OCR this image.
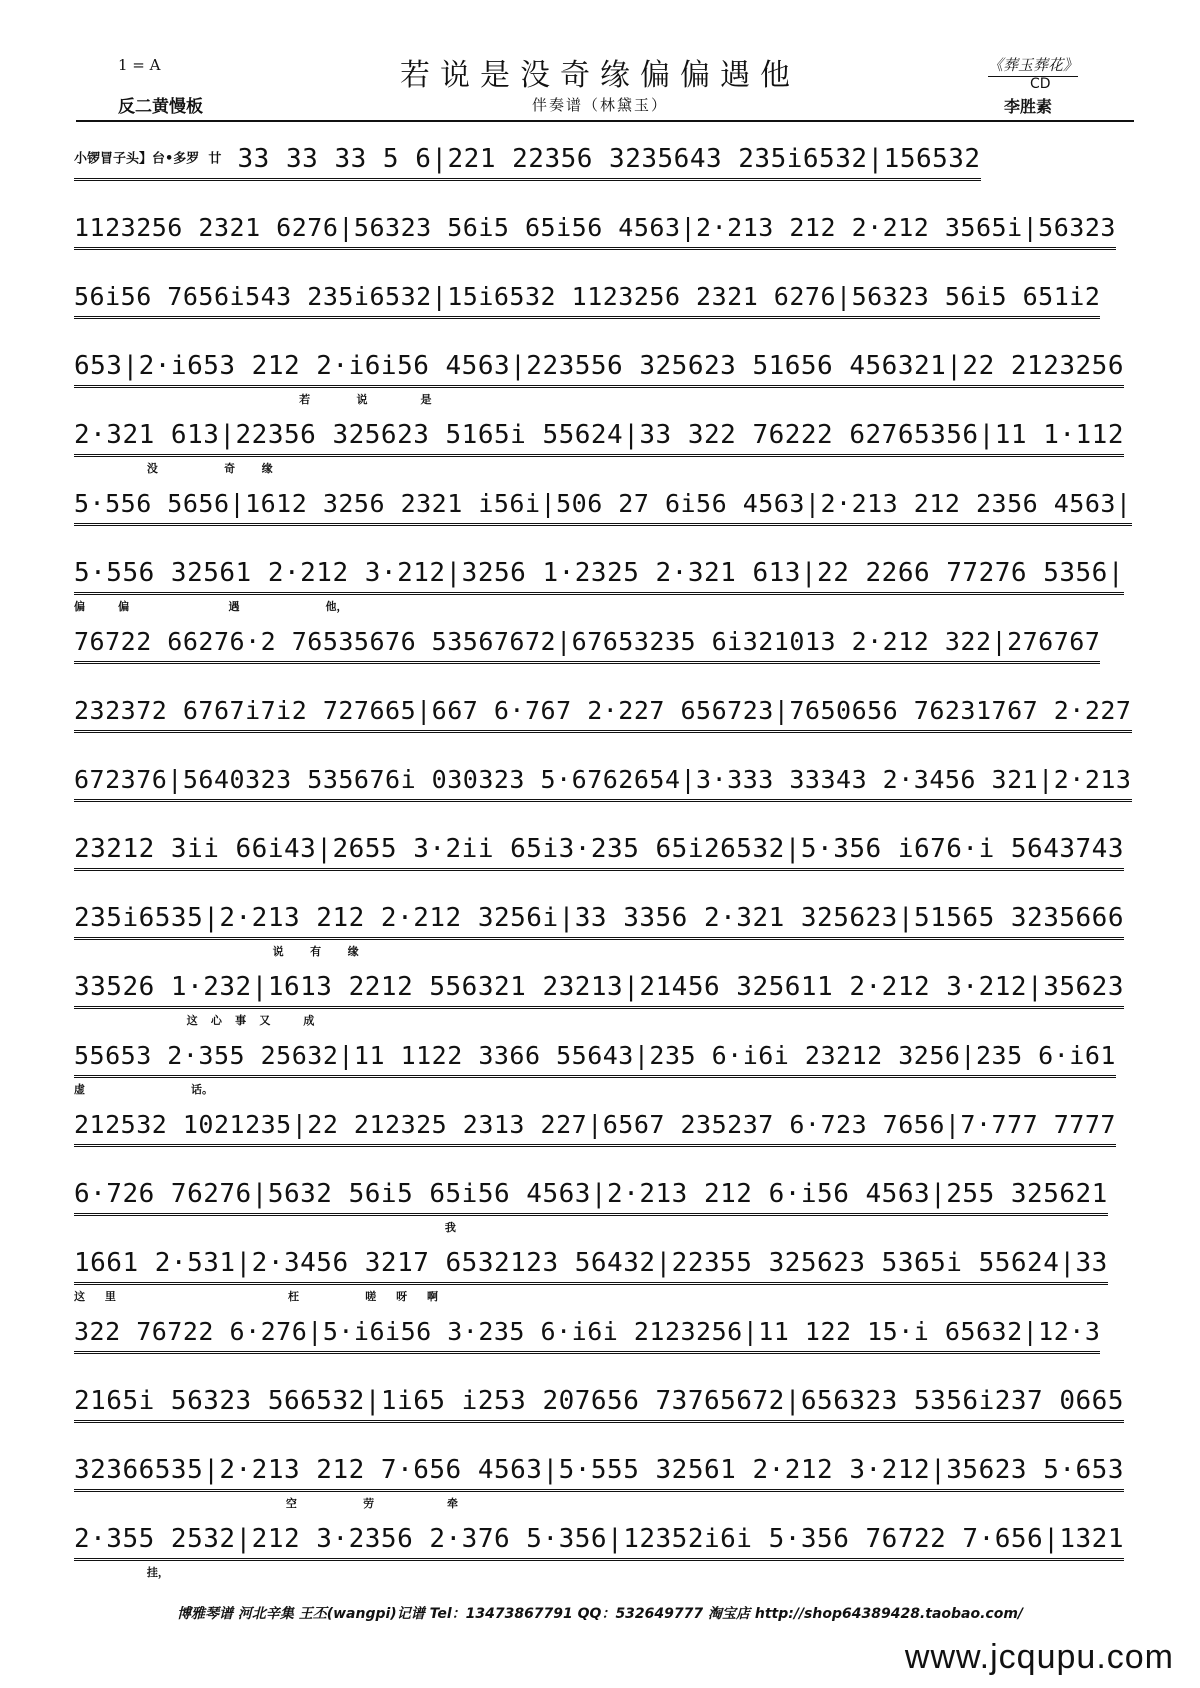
1 = A
反二黄慢板
若说是没奇缘偏偏遇他
伴奏谱（林黛玉）
《葬玉葬花》
CD
李胜素
小锣冒子头】台•多罗  廿 33 33 33 5 6|221 22356 3235643 235i6532|156532
1123256 2321 6276|56323 56i5 65i56 4563|2·213 212 2·212 3565i|56323
56i56 7656i543 235i6532|15i6532 1123256 2321 6276|56323 56i5 651i2
653|2·i653 212 2·i6i56 4563|223556 325623 51656 456321|22 2123256
若       说        是
2·321 613|22356 325623 5165i 55624|33 322 76222 62765356|11 1·112
没          奇    缘
5·556 5656|1612 3256 2321 i56i|506 27 6i56 4563|2·213 212 2356 4563|
5·556 32561 2·212 3·212|3256 1·2325 2·321 613|22 2266 77276 5356|
偏     偏               遇             他，
76722 66276·2 76535676 53567672|67653235 6i321013 2·212 322|276767
232372 6767i7i2 727665|667 6·767 2·227 656723|7650656 76231767 2·227
672376|5640323 535676i 030323 5·6762654|3·333 33343 2·3456 321|2·213
23212 3ii 66i43|2655 3·2ii 65i3·235 65i26532|5·356 i676·i 5643743
235i6535|2·213 212 2·212 3256i|33 3356 2·321 325623|51565 3235666
说    有    缘
33526 1·232|1613 2212 556321 23213|21456 325611 2·212 3·212|35623
这  心  事  又     成
55653 2·355 25632|11 1122 3366 55643|235 6·i6i 23212 3256|235 6·i61
虚                话。
212532 1021235|22 212325 2313 227|6567 235237 6·723 7656|7·777 7777
6·726 76276|5632 56i5 65i56 4563|2·213 212 6·i56 4563|255 325621
我
1661 2·531|2·3456 3217 6532123 56432|22355 325623 5365i 55624|33
这   里                          枉          嗟   呀   啊
322 76722 6·276|5·i6i56 3·235 6·i6i 2123256|11 122 15·i 65632|12·3
2165i 56323 566532|1i65 i253 207656 73765672|656323 5356i237 0665
32366535|2·213 212 7·656 4563|5·555 32561 2·212 3·212|35623 5·653
空          劳           牵
2·355 2532|212 3·2356 2·376 5·356|12352i6i 5·356 76722 7·656|1321
挂，
博雅琴谱 河北辛集 王丕(wangpi)记谱 Tel：13473867791 QQ：532649777 淘宝店 http://shop64389428.taobao.com/
www.jcqupu.com
